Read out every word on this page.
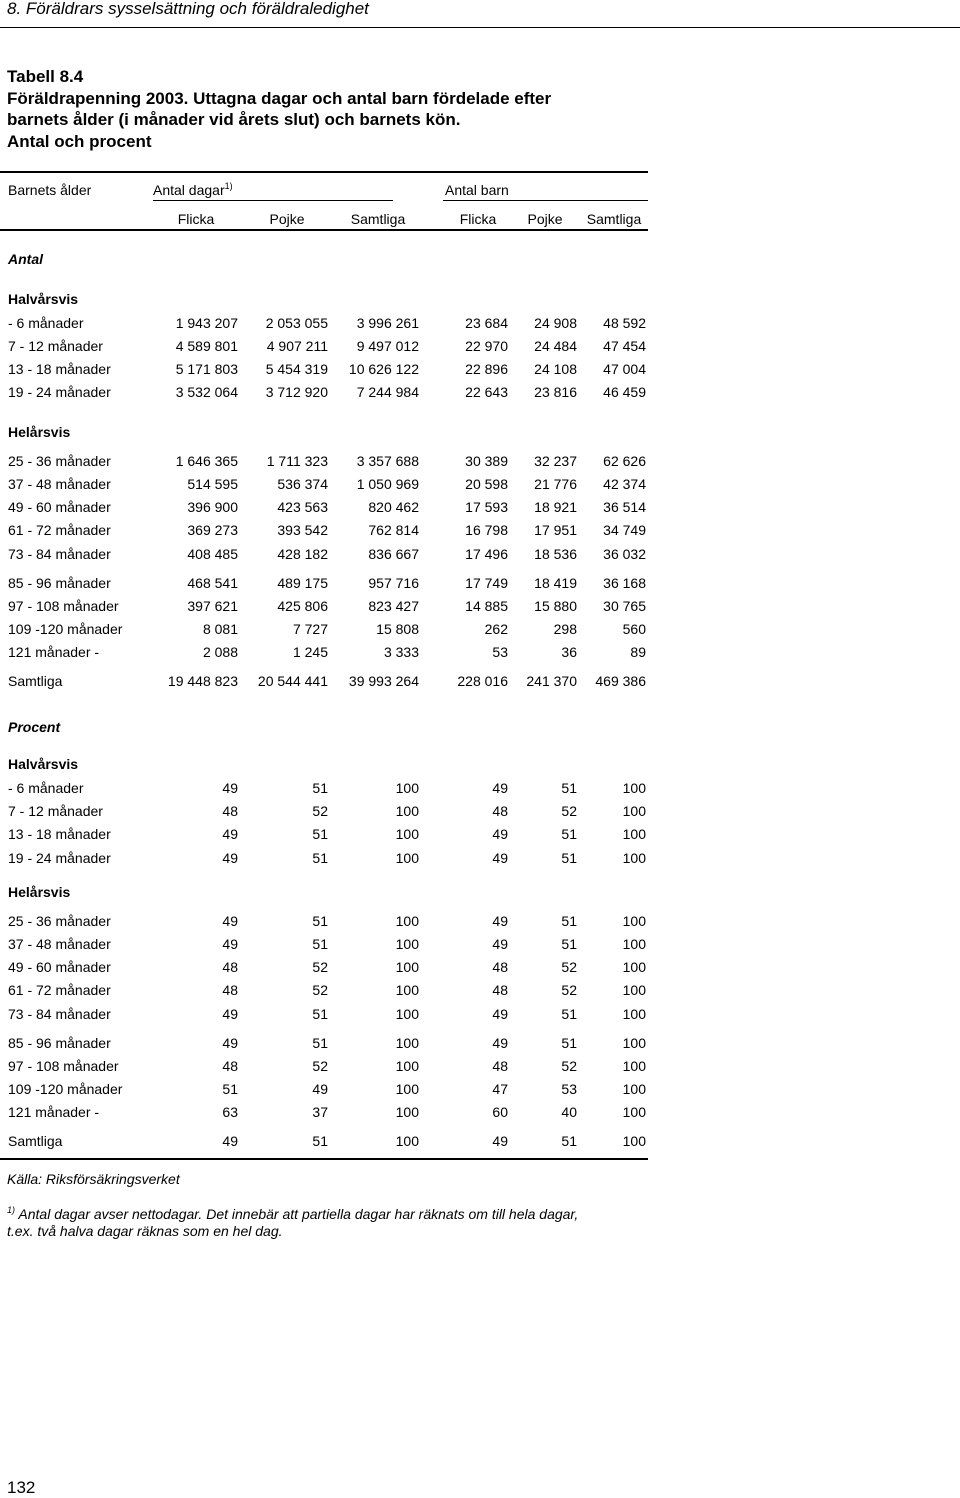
8. Föräldrars sysselsättning och föräldraledighet
Tabell 8.4
Föräldrapenning 2003. Uttagna dagar och antal barn fördelade efter
barnets ålder (i månader vid årets slut) och barnets kön.
Antal och procent
Barnets ålder	Antal dagar$^{1)}$	Antal barn
Flicka	Pojke	Samtliga	Flicka	Pojke	Samtliga
Antal
Halvårsvis
- 6 månader	1 943 207	2 053 055	3 996 261	23 684	24 908	48 592
7 - 12 månader	4 589 801	4 907 211	9 497 012	22 970	24 484	47 454
13 - 18 månader	5 171 803	5 454 319	10 626 122	22 896	24 108	47 004
19 - 24 månader	3 532 064	3 712 920	7 244 984	22 643	23 816	46 459
Helårsvis
25 - 36 månader	1 646 365	1 711 323	3 357 688	30 389	32 237	62 626
37 - 48 månader	514 595	536 374	1 050 969	20 598	21 776	42 374
49 - 60 månader	396 900	423 563	820 462	17 593	18 921	36 514
61 - 72 månader	369 273	393 542	762 814	16 798	17 951	34 749
73 - 84 månader	408 485	428 182	836 667	17 496	18 536	36 032
85 - 96 månader	468 541	489 175	957 716	17 749	18 419	36 168
97 - 108 månader	397 621	425 806	823 427	14 885	15 880	30 765
109 -120 månader	8 081	7 727	15 808	262	298	560
121 månader -	2 088	1 245	3 333	53	36	89
Samtliga	19 448 823	20 544 441	39 993 264	228 016	241 370	469 386
Procent
Halvårsvis
- 6 månader	49	51	100	49	51	100
7 - 12 månader	48	52	100	48	52	100
13 - 18 månader	49	51	100	49	51	100
19 - 24 månader	49	51	100	49	51	100
Helårsvis
25 - 36 månader	49	51	100	49	51	100
37 - 48 månader	49	51	100	49	51	100
49 - 60 månader	48	52	100	48	52	100
61 - 72 månader	48	52	100	48	52	100
73 - 84 månader	49	51	100	49	51	100
85 - 96 månader	49	51	100	49	51	100
97 - 108 månader	48	52	100	48	52	100
109 -120 månader	51	49	100	47	53	100
121 månader -	63	37	100	60	40	100
Samtliga	49	51	100	49	51	100
Källa: Riksförsäkringsverket
$^{1)}$ Antal dagar avser nettodagar. Det innebär att partiella dagar har räknats om till hela dagar,
t.ex. två halva dagar räknas som en hel dag.
132
